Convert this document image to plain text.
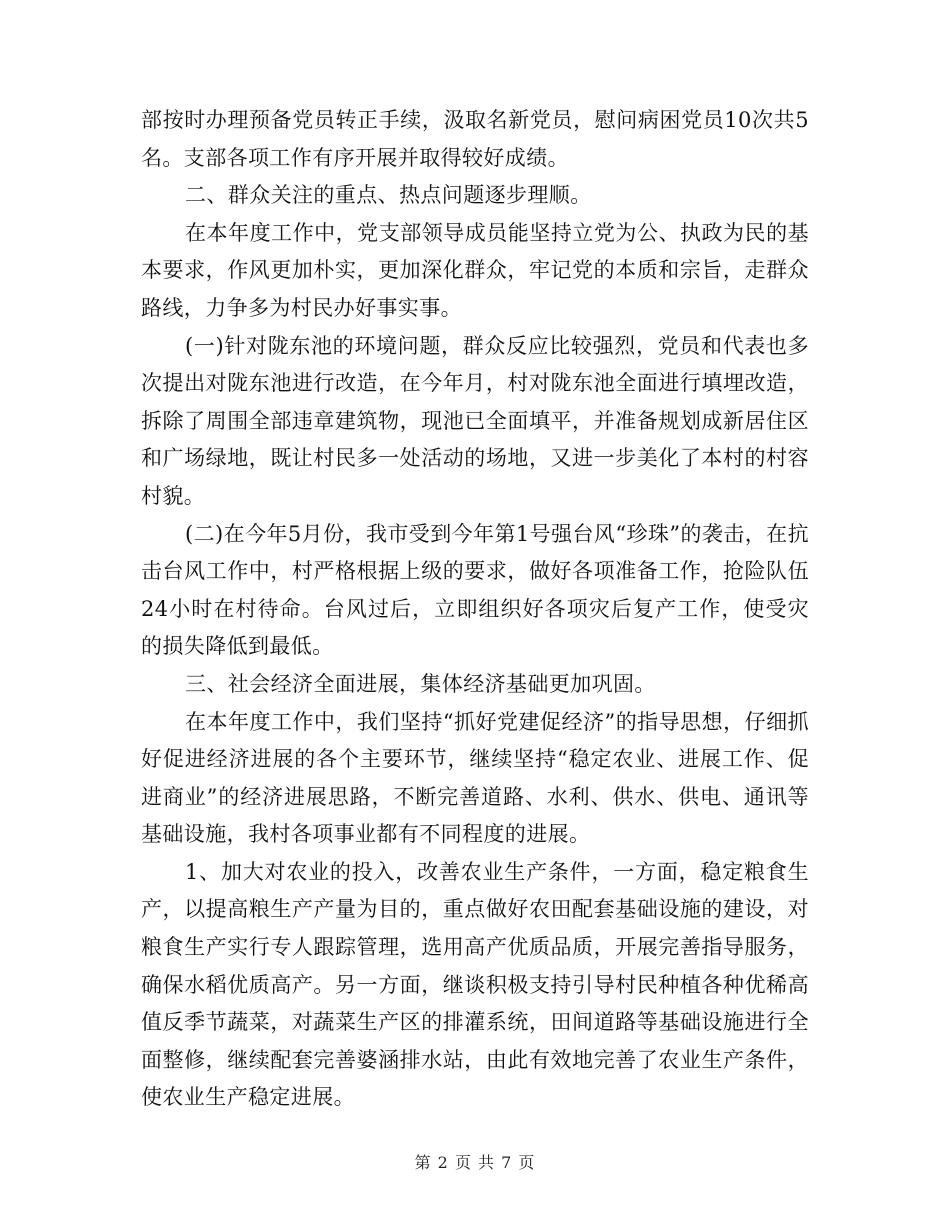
部按时办理预备党员转正手续，汲取名新党员，慰问病困党员10次共5名。支部各项工作有序开展并取得较好成绩。

二、群众关注的重点、热点问题逐步理顺。

在本年度工作中，党支部领导成员能坚持立党为公、执政为民的基本要求，作风更加朴实，更加深化群众，牢记党的本质和宗旨，走群众路线，力争多为村民办好事实事。

(一)针对陇东池的环境问题，群众反应比较强烈，党员和代表也多次提出对陇东池进行改造，在今年月，村对陇东池全面进行填埋改造，拆除了周围全部违章建筑物，现池已全面填平，并准备规划成新居住区和广场绿地，既让村民多一处活动的场地，又进一步美化了本村的村容村貌。

(二)在今年5月份，我市受到今年第1号强台风“珍珠”的袭击，在抗击台风工作中，村严格根据上级的要求，做好各项准备工作，抢险队伍24小时在村待命。台风过后，立即组织好各项灾后复产工作，使受灾的损失降低到最低。

三、社会经济全面进展，集体经济基础更加巩固。

在本年度工作中，我们坚持“抓好党建促经济”的指导思想，仔细抓好促进经济进展的各个主要环节，继续坚持“稳定农业、进展工作、促进商业”的经济进展思路，不断完善道路、水利、供水、供电、通讯等基础设施，我村各项事业都有不同程度的进展。

1、加大对农业的投入，改善农业生产条件，一方面，稳定粮食生产，以提高粮生产产量为目的，重点做好农田配套基础设施的建设，对粮食生产实行专人跟踪管理，选用高产优质品质，开展完善指导服务，确保水稻优质高产。另一方面，继谈积极支持引导村民种植各种优稀高值反季节蔬菜，对蔬菜生产区的排灌系统，田间道路等基础设施进行全面整修，继续配套完善婆涵排水站，由此有效地完善了农业生产条件，使农业生产稳定进展。

第 2 页 共 7 页
